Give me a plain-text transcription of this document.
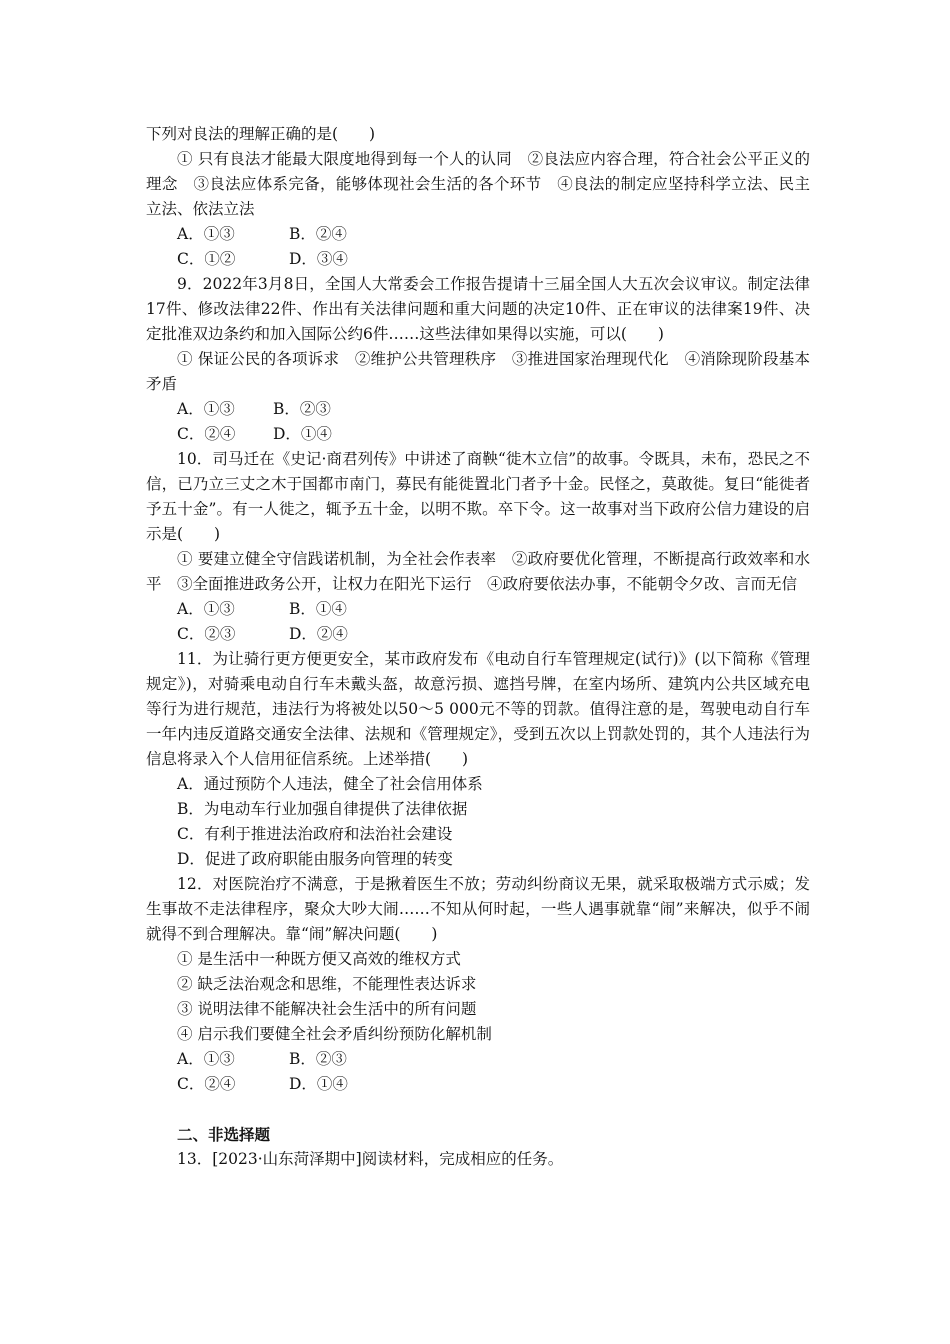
下列对良法的理解正确的是(　　)

① 只有良法才能最大限度地得到每一个人的认同　②良法应内容合理，符合社会公平正义的理念　③良法应体系完备，能够体现社会生活的各个环节　④良法的制定应坚持科学立法、民主立法、依法立法

A．①③	B．②④
C．①②	D．③④

9．2022年3月8日，全国人大常委会工作报告提请十三届全国人大五次会议审议。制定法律17件、修改法律22件、作出有关法律问题和重大问题的决定10件、正在审议的法律案19件、决定批准双边条约和加入国际公约6件……这些法律如果得以实施，可以(　　)

① 保证公民的各项诉求　②维护公共管理秩序　③推进国家治理现代化　④消除现阶段基本矛盾

A．①③ B．②③
C．②④ D．①④

10．司马迁在《史记·商君列传》中讲述了商鞅“徙木立信”的故事。令既具，未布，恐民之不信，已乃立三丈之木于国都市南门，募民有能徙置北门者予十金。民怪之，莫敢徙。复曰“能徙者予五十金”。有一人徙之，辄予五十金，以明不欺。卒下令。这一故事对当下政府公信力建设的启示是(　　)

① 要建立健全守信践诺机制，为全社会作表率　②政府要优化管理，不断提高行政效率和水平　③全面推进政务公开，让权力在阳光下运行　④政府要依法办事，不能朝令夕改、言而无信

A．①③	B．①④
C．②③	D．②④

11．为让骑行更方便更安全，某市政府发布《电动自行车管理规定(试行)》(以下简称《管理规定》)，对骑乘电动自行车未戴头盔，故意污损、遮挡号牌，在室内场所、建筑内公共区域充电等行为进行规范，违法行为将被处以50～5 000元不等的罚款。值得注意的是，驾驶电动自行车一年内违反道路交通安全法律、法规和《管理规定》，受到五次以上罚款处罚的，其个人违法行为信息将录入个人信用征信系统。上述举措(　　)

A．通过预防个人违法，健全了社会信用体系
B．为电动车行业加强自律提供了法律依据
C．有利于推进法治政府和法治社会建设
D．促进了政府职能由服务向管理的转变

12．对医院治疗不满意，于是揪着医生不放；劳动纠纷商议无果，就采取极端方式示威；发生事故不走法律程序，聚众大吵大闹……不知从何时起，一些人遇事就靠“闹”来解决，似乎不闹就得不到合理解决。靠“闹”解决问题(　　)

① 是生活中一种既方便又高效的维权方式
② 缺乏法治观念和思维，不能理性表达诉求
③ 说明法律不能解决社会生活中的所有问题
④ 启示我们要健全社会矛盾纠纷预防化解机制
A．①③	B．②③
C．②④	D．①④
二、非选择题
13．[2023·山东菏泽期中]阅读材料，完成相应的任务。
